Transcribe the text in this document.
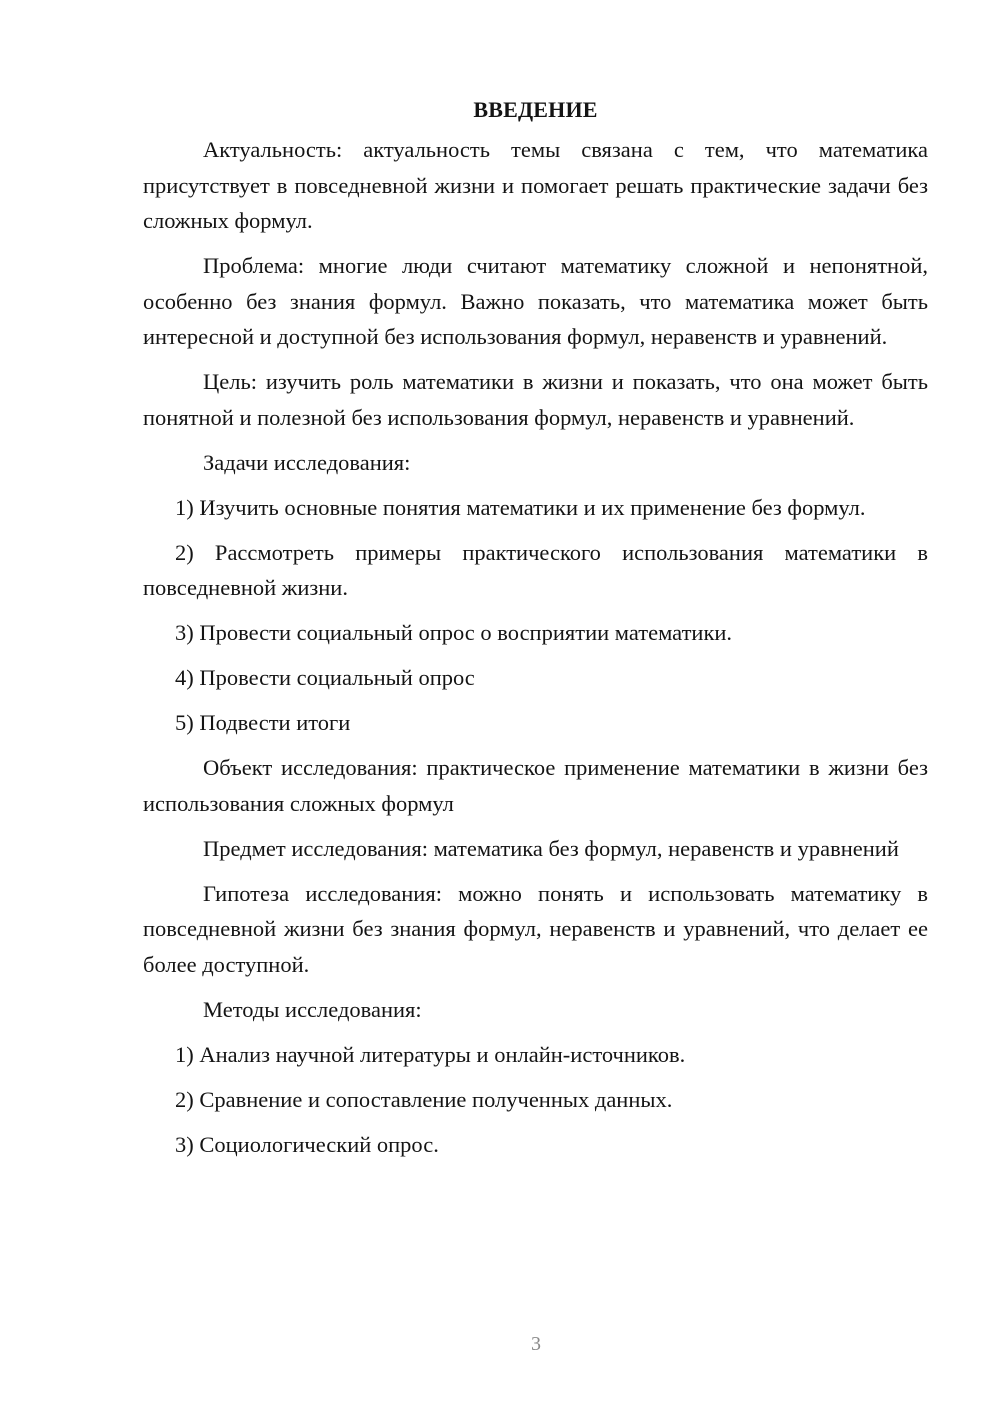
ВВЕДЕНИЕ

Актуальность: актуальность темы связана с тем, что математика присутствует в повседневной жизни и помогает решать практические задачи без сложных формул.

Проблема: многие люди считают математику сложной и непонятной, особенно без знания формул. Важно показать, что математика может быть интересной и доступной без использования формул, неравенств и уравнений.

Цель: изучить роль математики в жизни и показать, что она может быть понятной и полезной без использования формул, неравенств и уравнений.

Задачи исследования:

1) Изучить основные понятия математики и их применение без формул.

2) Рассмотреть примеры практического использования математики в повседневной жизни.

3) Провести социальный опрос о восприятии математики.

4) Провести социальный опрос

5) Подвести итоги

Объект исследования: практическое применение математики в жизни без использования сложных формул

Предмет исследования: математика без формул, неравенств и уравнений

Гипотеза исследования: можно понять и использовать математику в повседневной жизни без знания формул, неравенств и уравнений, что делает ее более доступной.

Методы исследования:

1) Анализ научной литературы и онлайн-источников.

2) Сравнение и сопоставление полученных данных.

3) Социологический опрос.

3
